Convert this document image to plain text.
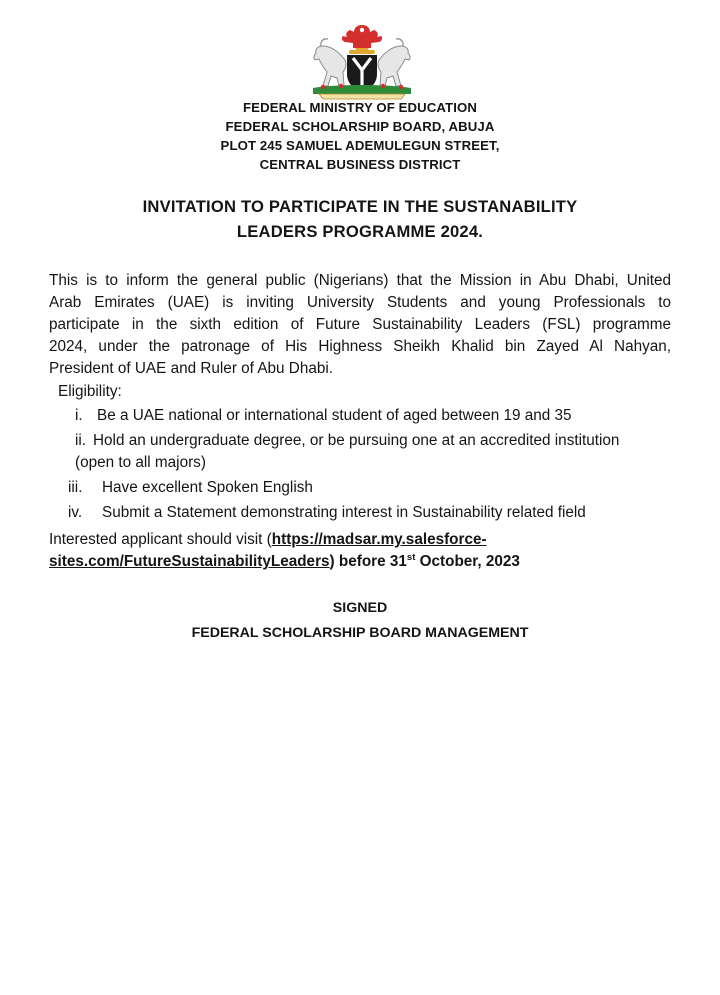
FEDERAL MINISTRY OF EDUCATION
FEDERAL SCHOLARSHIP BOARD, ABUJA
PLOT 245 SAMUEL ADEMULEGUN STREET,
CENTRAL BUSINESS DISTRICT
INVITATION TO PARTICIPATE IN THE SUSTANABILITY
LEADERS PROGRAMME 2024.
This is to inform the general public (Nigerians) that the Mission in Abu Dhabi, United
Arab Emirates (UAE) is inviting University Students and young Professionals to
participate in the sixth edition of Future Sustainability Leaders (FSL) programme
2024, under the patronage of His Highness Sheikh Khalid bin Zayed Al Nahyan,
President of UAE and Ruler of Abu Dhabi.
Eligibility:
i. Be a UAE national or international student of aged between 19 and 35
ii. Hold an undergraduate degree, or be pursuing one at an accredited institution
(open to all majors)
iii. Have excellent Spoken English
iv. Submit a Statement demonstrating interest in Sustainability related field
Interested applicant should visit (https://madsar.my.salesforce-
sites.com/FutureSustainabilityLeaders) before 31st October, 2023
SIGNED
FEDERAL SCHOLARSHIP BOARD MANAGEMENT
